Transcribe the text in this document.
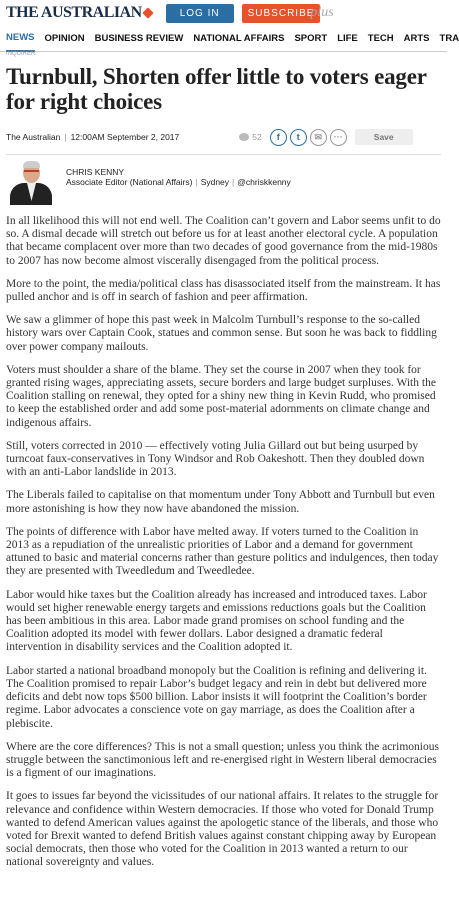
THE AUSTRALIAN	LOG IN	SUBSCRIBE
plus
NEWS OPINION BUSINESS REVIEW NATIONAL AFFAIRS SPORT LIFE TECH ARTS TRA
INQUIRER
Turnbull, Shorten offer little to voters eager for right choices
The Australian | 12:00AM September 2, 2017	52	f	t	✉	···	Save
CHRIS KENNY
Associate Editor (National Affairs) | Sydney | @chriskkenny

In all likelihood this will not end well. The Coalition can’t govern and Labor seems unfit to do so. A dismal decade will stretch out before us for at least another electoral cycle. A population that became complacent over more than two decades of good governance from the mid-1980s to 2007 has now become almost viscerally disengaged from the political process.

More to the point, the media/political class has disassociated itself from the mainstream. It has pulled anchor and is off in search of fashion and peer affirmation.

We saw a glimmer of hope this past week in Malcolm Turnbull’s response to the so-called history wars over Captain Cook, statues and common sense. But soon he was back to fiddling over power company mailouts.

Voters must shoulder a share of the blame. They set the course in 2007 when they took for granted rising wages, appreciating assets, secure borders and large budget surpluses. With the Coalition stalling on renewal, they opted for a shiny new thing in Kevin Rudd, who promised to keep the established order and add some post-material adornments on climate change and indigenous affairs.

Still, voters corrected in 2010 — effectively voting Julia Gillard out but being usurped by turncoat faux-conservatives in Tony Windsor and Rob Oakeshott. Then they doubled down with an anti-Labor landslide in 2013.

The Liberals failed to capitalise on that momentum under Tony Abbott and Turnbull but even more astonishing is how they now have abandoned the mission.

The points of difference with Labor have melted away. If voters turned to the Coalition in 2013 as a repudiation of the unrealistic priorities of Labor and a demand for government attuned to basic and material concerns rather than gesture politics and indulgences, then today they are presented with Tweedledum and Tweedledee.

Labor would hike taxes but the Coalition already has increased and introduced taxes. Labor would set higher renewable energy targets and emissions reductions goals but the Coalition has been ambitious in this area. Labor made grand promises on school funding and the Coalition adopted its model with fewer dollars. Labor designed a dramatic federal intervention in disability services and the Coalition adopted it.

Labor started a national broadband monopoly but the Coalition is refining and delivering it. The Coalition promised to repair Labor’s budget legacy and rein in debt but delivered more deficits and debt now tops $500 billion. Labor insists it will footprint the Coalition’s border regime. Labor advocates a conscience vote on gay marriage, as does the Coalition after a plebiscite.

Where are the core differences? This is not a small question; unless you think the acrimonious struggle between the sanctimonious left and re-energised right in Western liberal democracies is a figment of our imaginations.

It goes to issues far beyond the vicissitudes of our national affairs. It relates to the struggle for relevance and confidence within Western democracies. If those who voted for Donald Trump wanted to defend American values against the apologetic stance of the liberals, and those who voted for Brexit wanted to defend British values against constant chipping away by European social democrats, then those who voted for the Coalition in 2013 wanted a return to our national sovereignty and values.
